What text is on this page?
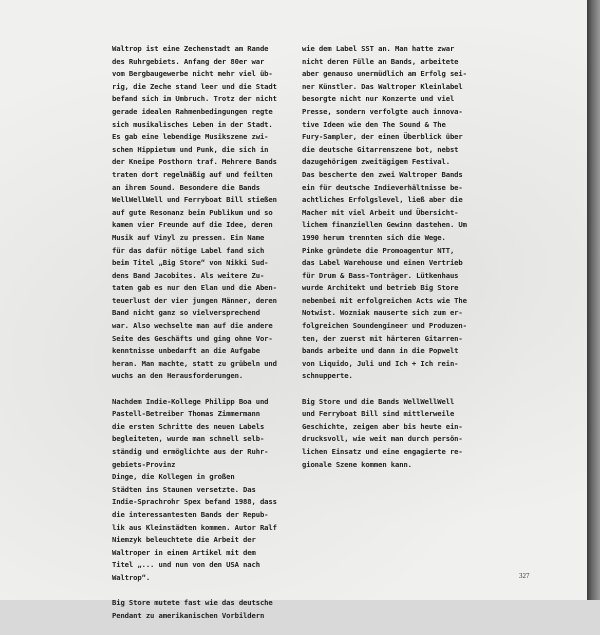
Waltrop ist eine Zechenstadt am Rande
des Ruhrgebiets. Anfang der 80er war
vom Bergbaugewerbe nicht mehr viel üb-
rig, die Zeche stand leer und die Stadt
befand sich im Umbruch. Trotz der nicht
gerade idealen Rahmenbedingungen regte
sich musikalisches Leben in der Stadt.
Es gab eine lebendige Musikszene zwi-
schen Hippietum und Punk, die sich in
der Kneipe Posthorn traf. Mehrere Bands
traten dort regelmäßig auf und feilten
an ihrem Sound. Besondere die Bands
WellWellWell und Ferryboat Bill stießen
auf gute Resonanz beim Publikum und so
kamen vier Freunde auf die Idee, deren
Musik auf Vinyl zu pressen. Ein Name
für das dafür nötige Label fand sich
beim Titel „Big Store“ von Nikki Sud-
dens Band Jacobites. Als weitere Zu-
taten gab es nur den Elan und die Aben-
teuerlust der vier jungen Männer, deren
Band nicht ganz so vielversprechend
war. Also wechselte man auf die andere
Seite des Geschäfts und ging ohne Vor-
kenntnisse unbedarft an die Aufgabe
heran. Man machte, statt zu grübeln und
wuchs an den Herausforderungen.

Nachdem Indie-Kollege Philipp Boa und
Pastell-Betreiber Thomas Zimmermann
die ersten Schritte des neuen Labels
begleiteten, wurde man schnell selb-
ständig und ermöglichte aus der Ruhr-
gebiets-Provinz
Dinge, die Kollegen in großen
Städten ins Staunen versetzte. Das
Indie-Sprachrohr Spex befand 1988, dass
die interessantesten Bands der Repub-
lik aus Kleinstädten kommen. Autor Ralf
Niemzyk beleuchtete die Arbeit der
Waltroper in einem Artikel mit dem
Titel „... und nun von den USA nach
Waltrop“.

Big Store mutete fast wie das deutsche
Pendant zu amerikanischen Vorbildern

wie dem Label SST an. Man hatte zwar
nicht deren Fülle an Bands, arbeitete
aber genauso unermüdlich am Erfolg sei-
ner Künstler. Das Waltroper Kleinlabel
besorgte nicht nur Konzerte und viel
Presse, sondern verfolgte auch innova-
tive Ideen wie den The Sound & The
Fury-Sampler, der einen Überblick über
die deutsche Gitarrenszene bot, nebst
dazugehörigem zweitägigem Festival.
Das bescherte den zwei Waltroper Bands
ein für deutsche Indieverhältnisse be-
achtliches Erfolgslevel, ließ aber die
Macher mit viel Arbeit und Übersicht-
lichem finanziellen Gewinn dastehen. Um
1990 herum trennten sich die Wege.
Pinke gründete die Promoagentur NTT,
das Label Warehouse und einen Vertrieb
für Drum & Bass-Tonträger. Lütkenhaus
wurde Architekt und betrieb Big Store
nebenbei mit erfolgreichen Acts wie The
Notwist. Wozniak mauserte sich zum er-
folgreichen Soundengineer und Produzen-
ten, der zuerst mit härteren Gitarren-
bands arbeite und dann in die Popwelt
von Liquido, Juli und Ich + Ich rein-
schnupperte.

Big Store und die Bands WellWellWell
und Ferryboat Bill sind mittlerweile
Geschichte, zeigen aber bis heute ein-
drucksvoll, wie weit man durch persön-
lichen Einsatz und eine engagierte re-
gionale Szene kommen kann.

327
